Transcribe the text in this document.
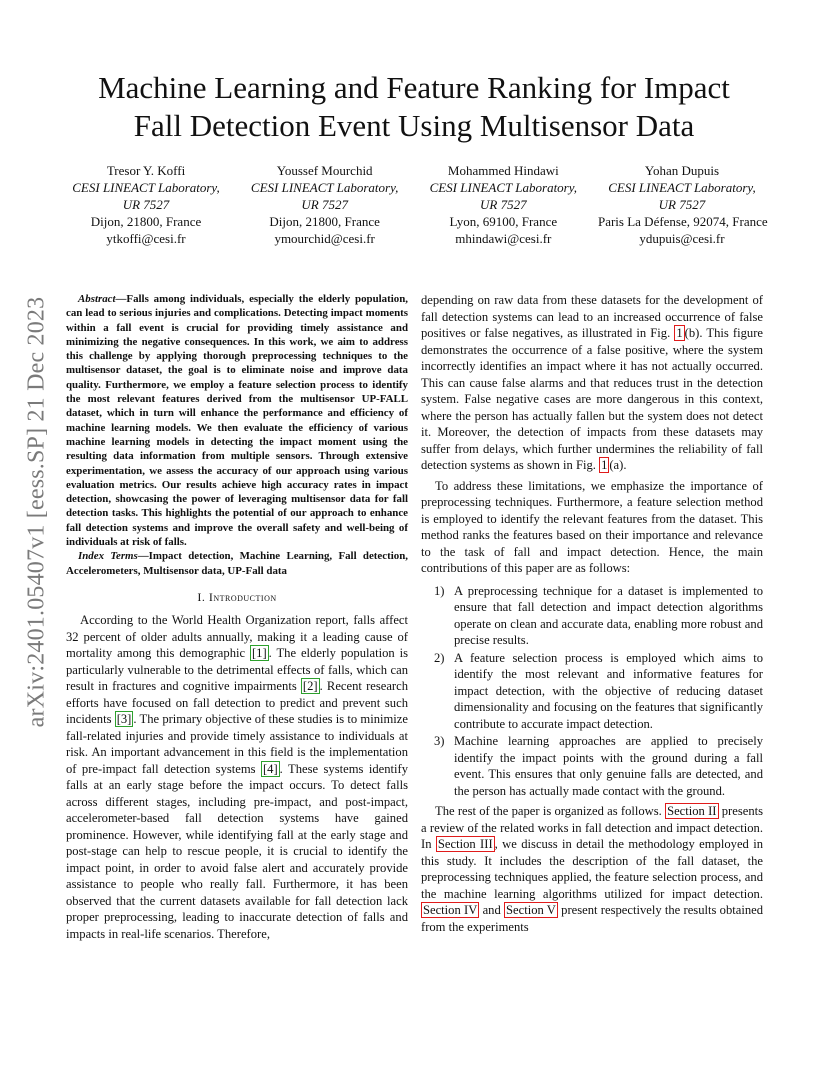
arXiv:2401.05407v1 [eess.SP] 21 Dec 2023
Machine Learning and Feature Ranking for Impact
Fall Detection Event Using Multisensor Data
Tresor Y. Koffi
CESI LINEACT Laboratory,
UR 7527
Dijon, 21800, France
ytkoffi@cesi.fr
Youssef Mourchid
CESI LINEACT Laboratory,
UR 7527
Dijon, 21800, France
ymourchid@cesi.fr
Mohammed Hindawi
CESI LINEACT Laboratory,
UR 7527
Lyon, 69100, France
mhindawi@cesi.fr
Yohan Dupuis
CESI LINEACT Laboratory,
UR 7527
Paris La Défense, 92074, France
ydupuis@cesi.fr

Abstract—Falls among individuals, especially the elderly population, can lead to serious injuries and complications. Detecting impact moments within a fall event is crucial for providing timely assistance and minimizing the negative consequences. In this work, we aim to address this challenge by applying thorough preprocessing techniques to the multisensor dataset, the goal is to eliminate noise and improve data quality. Furthermore, we employ a feature selection process to identify the most relevant features derived from the multisensor UP-FALL dataset, which in turn will enhance the performance and efficiency of machine learning models. We then evaluate the efficiency of various machine learning models in detecting the impact moment using the resulting data information from multiple sensors. Through extensive experimentation, we assess the accuracy of our approach using various evaluation metrics. Our results achieve high accuracy rates in impact detection, showcasing the power of leveraging multisensor data for fall detection tasks. This highlights the potential of our approach to enhance fall detection systems and improve the overall safety and well-being of individuals at risk of falls.

Index Terms—Impact detection, Machine Learning, Fall detection, Accelerometers, Multisensor data, UP-Fall data

I. Introduction

According to the World Health Organization report, falls affect 32 percent of older adults annually, making it a leading cause of mortality among this demographic [1] . The elderly population is particularly vulnerable to the detrimental effects of falls, which can result in fractures and cognitive impairments [2] . Recent research efforts have focused on fall detection to predict and prevent such incidents [3] . The primary objective of these studies is to minimize fall-related injuries and provide timely assistance to individuals at risk. An important advancement in this field is the implementation of pre-impact fall detection systems [4] . These systems identify falls at an early stage before the impact occurs. To detect falls across different stages, including pre-impact, and post-impact, accelerometer-based fall detection systems have gained prominence. However, while identifying fall at the early stage and post-stage can help to rescue people, it is crucial to identify the impact point, in order to avoid false alert and accurately provide assistance to people who really fall. Furthermore, it has been observed that the current datasets available for fall detection lack proper preprocessing, leading to inaccurate detection of falls and impacts in real-life scenarios. Therefore,

depending on raw data from these datasets for the development of fall detection systems can lead to an increased occurrence of false positives or false negatives, as illustrated in Fig. 1 (b). This figure demonstrates the occurrence of a false positive, where the system incorrectly identifies an impact where it has not actually occurred. This can cause false alarms and that reduces trust in the detection system. False negative cases are more dangerous in this context, where the person has actually fallen but the system does not detect it. Moreover, the detection of impacts from these datasets may suffer from delays, which further undermines the reliability of fall detection systems as shown in Fig. 1 (a).

To address these limitations, we emphasize the importance of preprocessing techniques. Furthermore, a feature selection method is employed to identify the relevant features from the dataset. This method ranks the features based on their importance and relevance to the task of fall and impact detection. Hence, the main contributions of this paper are as follows:

1) A preprocessing technique for a dataset is implemented to ensure that fall detection and impact detection algorithms operate on clean and accurate data, enabling more robust and precise results.
2) A feature selection process is employed which aims to identify the most relevant and informative features for impact detection, with the objective of reducing dataset dimensionality and focusing on the features that significantly contribute to accurate impact detection.
3) Machine learning approaches are applied to precisely identify the impact points with the ground during a fall event. This ensures that only genuine falls are detected, and the person has actually made contact with the ground.

The rest of the paper is organized as follows. Section II presents a review of the related works in fall detection and impact detection. In Section III , we discuss in detail the methodology employed in this study. It includes the description of the fall dataset, the preprocessing techniques applied, the feature selection process, and the machine learning algorithms utilized for impact detection. Section IV and Section V present respectively the results obtained from the experiments
